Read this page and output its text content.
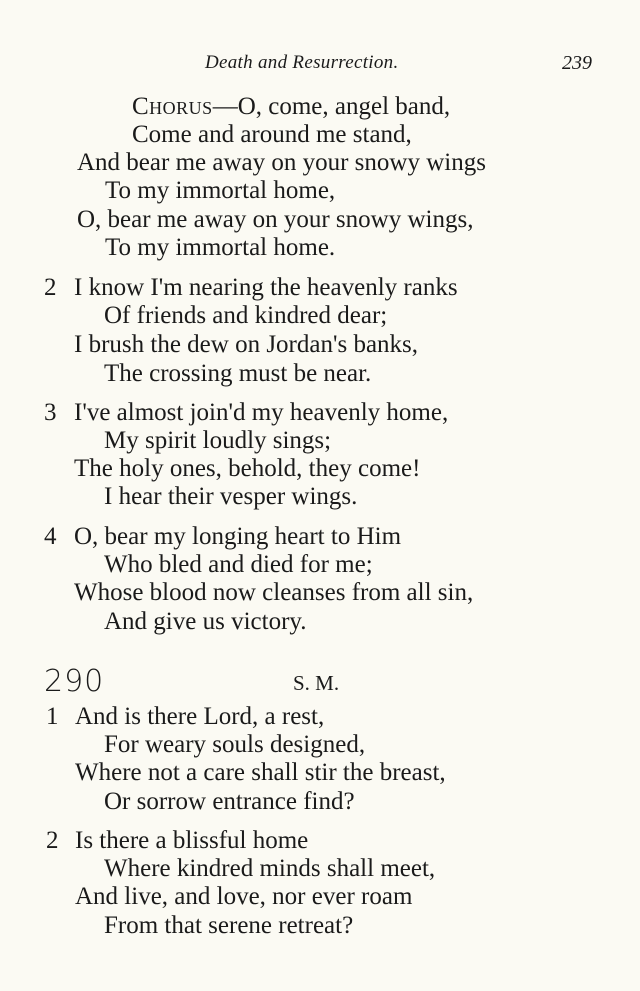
Death and Resurrection.	239
Chorus—O, come, angel band,
Come and around me stand,
And bear me away on your snowy wings
To my immortal home,
O, bear me away on your snowy wings,
To my immortal home.
2 I know I'm nearing the heavenly ranks
Of friends and kindred dear;
I brush the dew on Jordan's banks,
The crossing must be near.
3 I've almost join'd my heavenly home,
My spirit loudly sings;
The holy ones, behold, they come!
I hear their vesper wings.
4 O, bear my longing heart to Him
Who bled and died for me;
Whose blood now cleanses from all sin,
And give us victory.
290	S. M.
1 And is there Lord, a rest,
For weary souls designed,
Where not a care shall stir the breast,
Or sorrow entrance find?
2 Is there a blissful home
Where kindred minds shall meet,
And live, and love, nor ever roam
From that serene retreat?
